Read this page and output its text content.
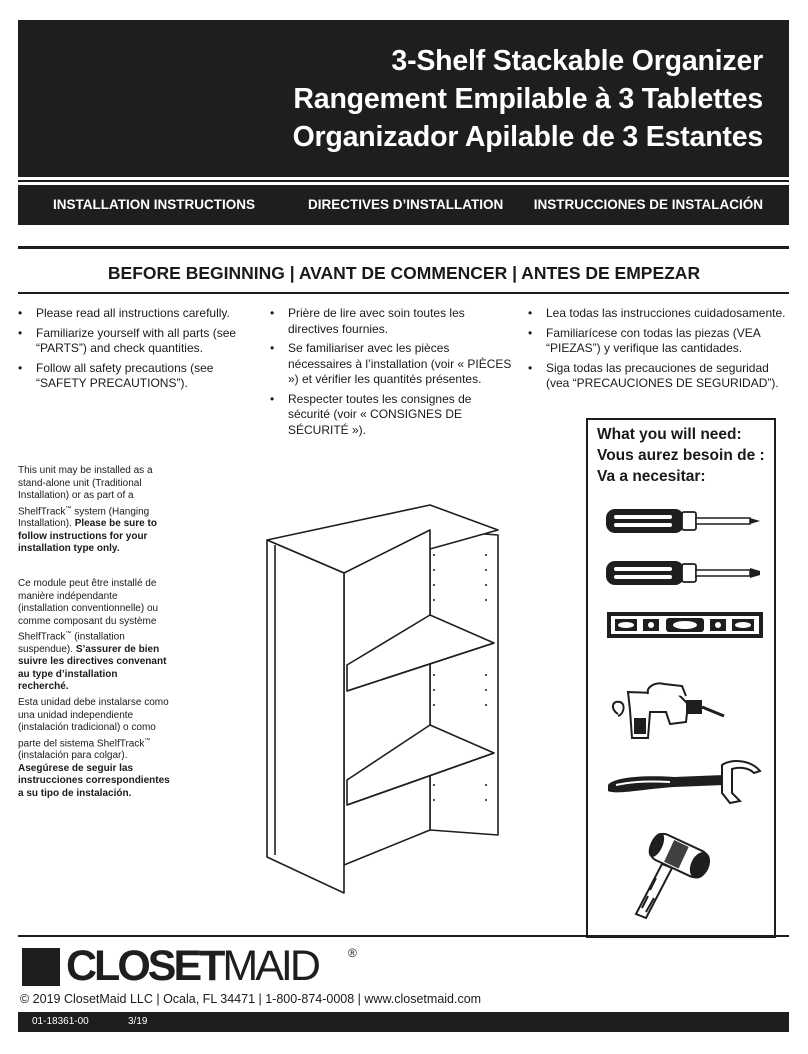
3-Shelf Stackable Organizer
Rangement Empilable à 3 Tablettes
Organizador Apilable de 3 Estantes
INSTALLATION INSTRUCTIONS	DIRECTIVES D’INSTALLATION INSTRUCCIONES DE INSTALACIÓN
BEFORE BEGINNING | AVANT DE COMMENCER | ANTES DE EMPEZAR
• Please read all instructions carefully.
• Familiarize yourself with all parts (see “PARTS”) and check quantities.
• Follow all safety precautions (see “SAFETY PRECAUTIONS”).
• Prière de lire avec soin toutes les directives fournies.
• Se familiariser avec les pièces nécessaires à l’installation (voir « PIÈCES ») et vérifier les quantités présentes.
• Respecter toutes les consignes de sécurité (voir « CONSIGNES DE SÉCURITÉ »).
• Lea todas las instrucciones cuidadosamente.
• Familiarícese con todas las piezas (VEA “PIEZAS”) y verifique las cantidades.
• Siga todas las precauciones de seguridad (vea “PRECAUCIONES DE SEGURIDAD”).
This unit may be installed as a stand-alone unit (Traditional Installation) or as part of a ShelfTrack™ system (Hanging Installation). Please be sure to follow instructions for your installation type only.
Ce module peut être installé de manière indépendante (installation conventionnelle) ou comme composant du système ShelfTrack™ (installation suspendue). S’assurer de bien suivre les directives convenant au type d’installation recherché.
Esta unidad debe instalarse como una unidad independiente (instalación tradicional) o como parte del sistema ShelfTrack™ (instalación para colgar). Asegúrese de seguir las instrucciones correspondientes a su tipo de instalación.
What you will need:
Vous aurez besoin de :
Va a necesitar:
CLOSETMAID	®
© 2019 ClosetMaid LLC | Ocala, FL 34471 | 1-800-874-0008 | www.closetmaid.com
01-18361-00	3/19
